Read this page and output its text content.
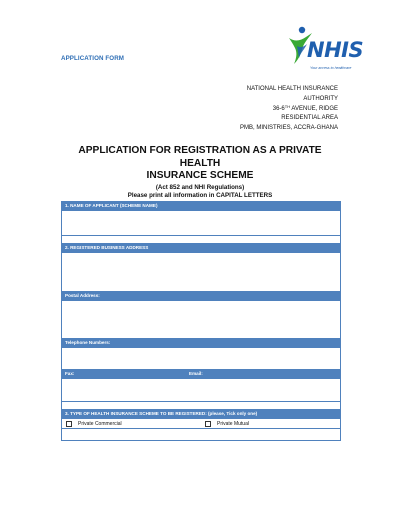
APPLICATION FORM	NHIS
Your access to healthcare
NATIONAL HEALTH INSURANCE
AUTHORITY
36-6TH AVENUE, RIDGE
RESIDENTIAL AREA
PMB, MINISTRIES, ACCRA-GHANA

APPLICATION FOR REGISTRATION AS A PRIVATE HEALTH

INSURANCE SCHEME

(Act 852 and NHI Regulations)

Please print all information in CAPITAL LETTERS

1. NAME OF APPLICANT (SCHEME NAME)
2. REGISTERED BUSINESS ADDRESS
Postal Address:
Telephone Numbers:
Fax:	Email:
3. TYPE OF HEALTH INSURANCE SCHEME TO BE REGISTERED: (please, Tick only one)
Private Commercial	Private Mutual
